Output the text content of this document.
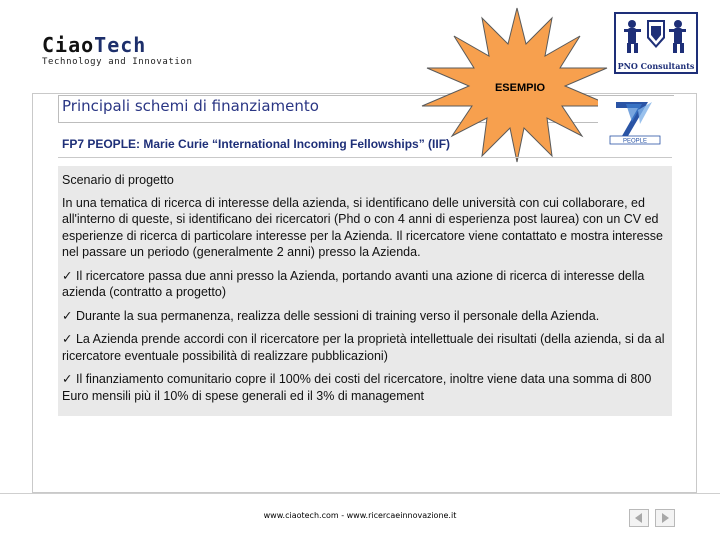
CiaoTech
Technology and Innovation	PNO Consultants
Principali schemi di finanziamento
ESEMPIO
PEOPLE
FP7 PEOPLE: Marie Curie “International Incoming Fellowships” (IIF)

Scenario di progetto

In una tematica di ricerca di interesse della azienda, si identificano delle università con cui collaborare, ed all'interno di queste, si identificano dei ricercatori (Phd o con 4 anni di esperienza post laurea) con un CV ed esperienze di ricerca di particolare interesse per la Azienda. Il ricercatore viene contattato e mostra interesse nel passare un periodo (generalmente 2 anni) presso la Azienda.

✓ Il ricercatore passa due anni presso la Azienda, portando avanti una azione di ricerca di interesse della azienda (contratto a progetto)

✓ Durante la sua permanenza, realizza delle sessioni di training verso il personale della Azienda.

✓ La Azienda prende accordi con il ricercatore per la proprietà intellettuale dei risultati (della azienda, si da al ricercatore eventuale possibilità di realizzare pubblicazioni)

✓ Il finanziamento comunitario copre il 100% dei costi del ricercatore, inoltre viene data una somma di 800 Euro mensili più il 10% di spese generali ed il 3% di management

www.ciaotech.com - www.ricercaeinnovazione.it
